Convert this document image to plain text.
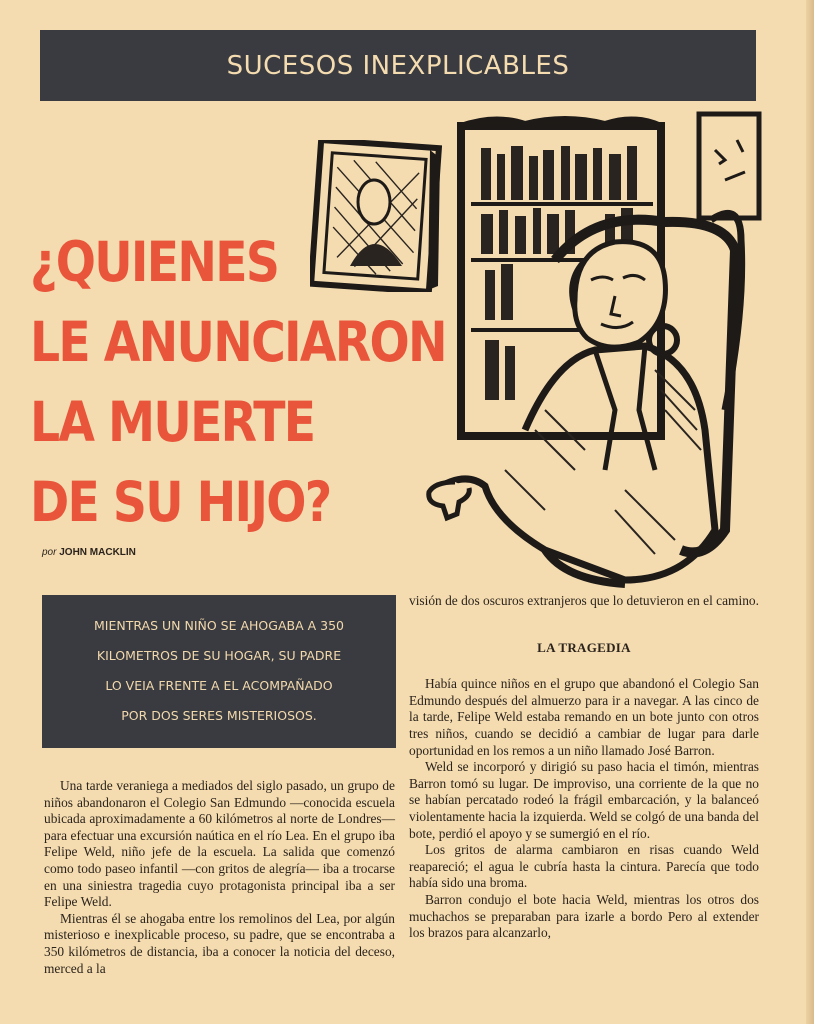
SUCESOS INEXPLICABLES
¿QUIENES
LE ANUNCIARON
LA MUERTE
DE SU HIJO?
por JOHN MACKLIN
MIENTRAS UN NIÑO SE AHOGABA A 350
KILOMETROS DE SU HOGAR, SU PADRE
LO VEIA FRENTE A EL ACOMPAÑADO
POR DOS SERES MISTERIOSOS.

Una tarde veraniega a mediados del siglo pasado, un grupo de niños abandonaron el Colegio San Edmundo —conocida escuela ubicada aproximadamente a 60 kilómetros al norte de Londres— para efectuar una excursión naútica en el río Lea. En el grupo iba Felipe Weld, niño jefe de la escuela. La salida que comenzó como todo paseo infantil —con gritos de alegría— iba a trocarse en una siniestra tragedia cuyo protagonista principal iba a ser Felipe Weld.

Mientras él se ahogaba entre los remolinos del Lea, por algún misterioso e inexplicable proceso, su padre, que se encontraba a 350 kilómetros de distancia, iba a conocer la noticia del deceso, merced a la

visión de dos oscuros extranjeros que lo detuvieron en el camino.

LA TRAGEDIA

Había quince niños en el grupo que abandonó el Colegio San Edmundo después del almuerzo para ir a navegar. A las cinco de la tarde, Felipe Weld estaba remando en un bote junto con otros tres niños, cuando se decidió a cambiar de lugar para darle oportunidad en los remos a un niño llamado José Barron.

Weld se incorporó y dirigió su paso hacia el timón, mientras Barron tomó su lugar. De improviso, una corriente de la que no se habían percatado rodeó la frágil embarcación, y la balanceó violentamente hacia la izquierda. Weld se colgó de una banda del bote, perdió el apoyo y se sumergió en el río.

Los gritos de alarma cambiaron en risas cuando Weld reapareció; el agua le cubría hasta la cintura. Parecía que todo había sido una broma.

Barron condujo el bote hacia Weld, mientras los otros dos muchachos se preparaban para izarle a bordo Pero al extender los brazos para alcanzarlo,
